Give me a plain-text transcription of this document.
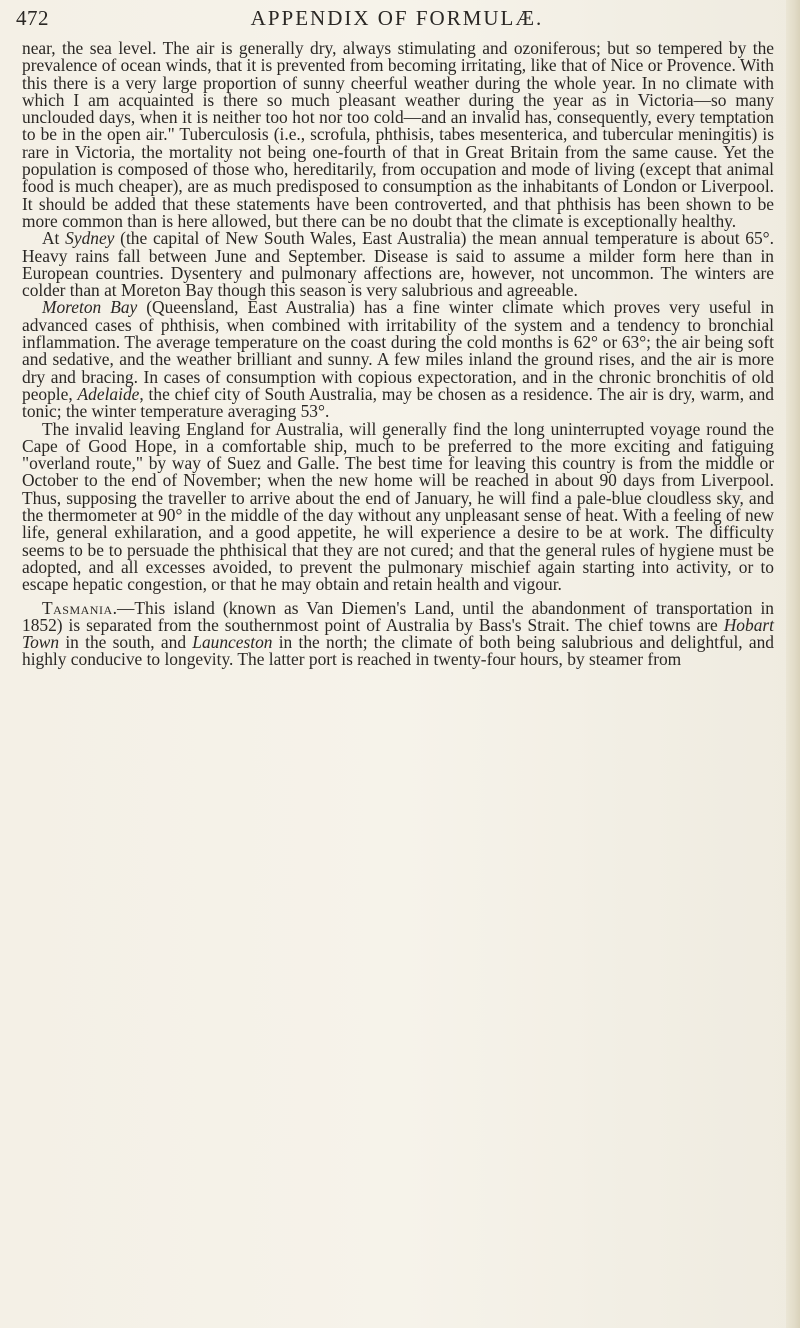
472	APPENDIX OF FORMULÆ.

near, the sea level. The air is generally dry, always stimulating and ozoniferous; but so tempered by the prevalence of ocean winds, that it is prevented from becoming irritating, like that of Nice or Provence. With this there is a very large proportion of sunny cheerful weather during the whole year. In no climate with which I am acquainted is there so much pleasant weather during the year as in Victoria—so many unclouded days, when it is neither too hot nor too cold—and an invalid has, consequently, every temptation to be in the open air." Tuberculosis (i.e., scrofula, phthisis, tabes mesenterica, and tubercular meningitis) is rare in Victoria, the mortality not being one-fourth of that in Great Britain from the same cause. Yet the population is composed of those who, hereditarily, from occupation and mode of living (except that animal food is much cheaper), are as much predisposed to consumption as the inhabitants of London or Liverpool. It should be added that these statements have been controverted, and that phthisis has been shown to be more common than is here allowed, but there can be no doubt that the climate is exceptionally healthy.

At Sydney (the capital of New South Wales, East Australia) the mean annual temperature is about 65°. Heavy rains fall between June and September. Disease is said to assume a milder form here than in European countries. Dysentery and pulmonary affections are, however, not uncommon. The winters are colder than at Moreton Bay though this season is very salubrious and agreeable.

Moreton Bay (Queensland, East Australia) has a fine winter climate which proves very useful in advanced cases of phthisis, when combined with irritability of the system and a tendency to bronchial inflammation. The average temperature on the coast during the cold months is 62° or 63°; the air being soft and sedative, and the weather brilliant and sunny. A few miles inland the ground rises, and the air is more dry and bracing. In cases of consumption with copious expectoration, and in the chronic bronchitis of old people, Adelaide, the chief city of South Australia, may be chosen as a residence. The air is dry, warm, and tonic; the winter temperature averaging 53°.

The invalid leaving England for Australia, will generally find the long uninterrupted voyage round the Cape of Good Hope, in a comfortable ship, much to be preferred to the more exciting and fatiguing "overland route," by way of Suez and Galle. The best time for leaving this country is from the middle or October to the end of November; when the new home will be reached in about 90 days from Liverpool. Thus, supposing the traveller to arrive about the end of January, he will find a pale-blue cloudless sky, and the thermometer at 90° in the middle of the day without any unpleasant sense of heat. With a feeling of new life, general exhilaration, and a good appetite, he will experience a desire to be at work. The difficulty seems to be to persuade the phthisical that they are not cured; and that the general rules of hygiene must be adopted, and all excesses avoided, to prevent the pulmonary mischief again starting into activity, or to escape hepatic congestion, or that he may obtain and retain health and vigour.

Tasmania.—This island (known as Van Diemen's Land, until the abandonment of transportation in 1852) is separated from the southernmost point of Australia by Bass's Strait. The chief towns are Hobart Town in the south, and Launceston in the north; the climate of both being salubrious and delightful, and highly conducive to longevity. The latter port is reached in twenty-four hours, by steamer from
